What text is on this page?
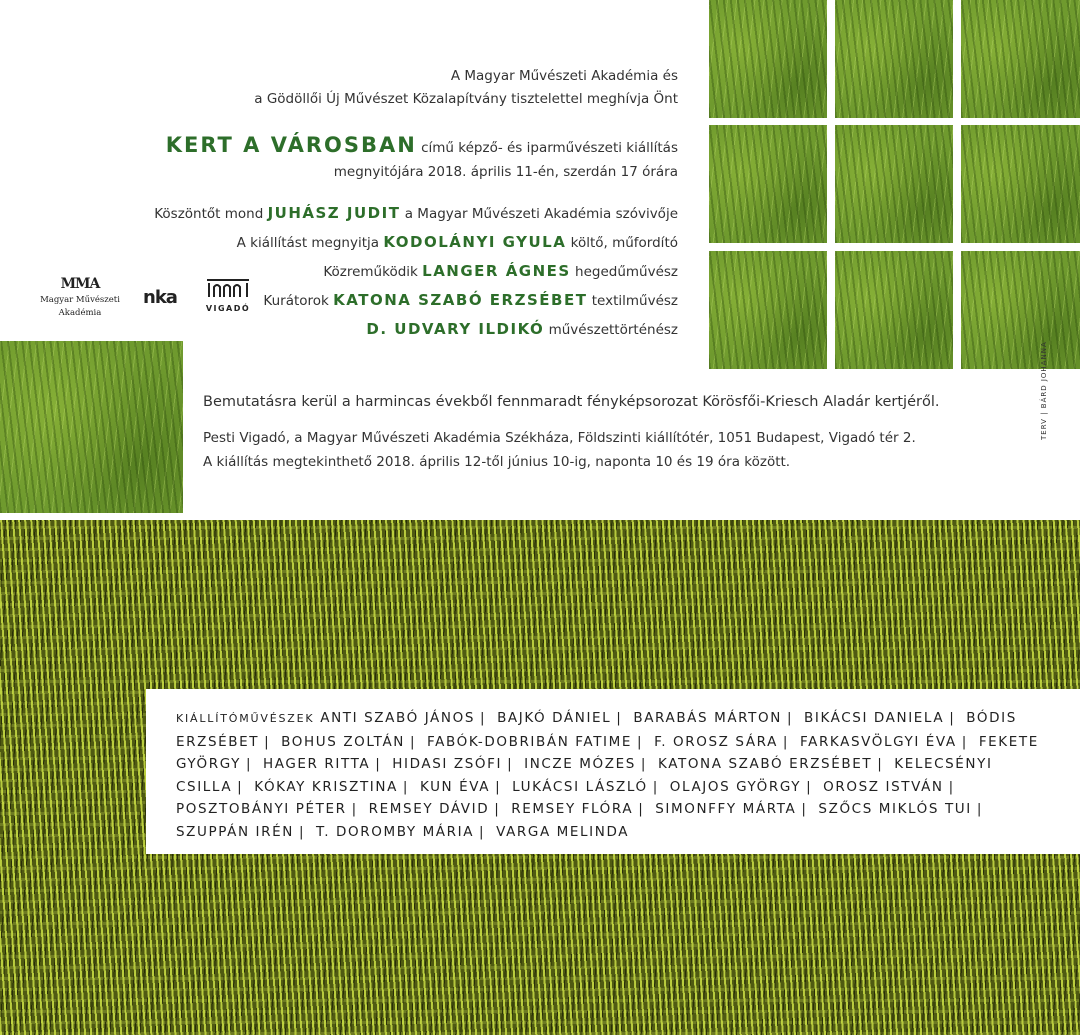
A Magyar Művészeti Akadémia és
a Gödöllői Új Művészet Közalapítvány tisztelettel meghívja Önt
KERT A VÁROSBAN című képző- és iparművészeti kiállítás
megnyitójára 2018. április 11-én, szerdán 17 órára
Köszöntőt mond JUHÁSZ JUDIT a Magyar Művészeti Akadémia szóvivője
A kiállítást megnyitja KODOLÁNYI GYULA költő, műfordító
Közreműködik LANGER ÁGNES hegedűművész
Kurátorok KATONA SZABÓ ERZSÉBET textilművész
D. UDVARY ILDIKÓ művészettörténész
MMA
Magyar Művészeti
Akadémia
nka
VIGADÓ
Bemutatásra kerül a harmincas évekből fennmaradt fényképsorozat Körösfői-Kriesch Aladár kertjéről.
Pesti Vigadó, a Magyar Művészeti Akadémia Székháza, Földszinti kiállítótér, 1051 Budapest, Vigadó tér 2.
A kiállítás megtekinthető 2018. április 12-től június 10-ig, naponta 10 és 19 óra között.
TERV | BÁRD JOHANNA
KIÁLLÍTÓMŰVÉSZEK ANTI SZABÓ JÁNOS | BAJKÓ DÁNIEL | BARABÁS MÁRTON | BIKÁCSI DANIELA | BÓDIS ERZSÉBET | BOHUS ZOLTÁN | FABÓK-DOBRIBÁN FATIME | F. OROSZ SÁRA | FARKASVÖLGYI ÉVA | FEKETE GYÖRGY | HAGER RITTA | HIDASI ZSÓFI | INCZE MÓZES | KATONA SZABÓ ERZSÉBET | KELECSÉNYI CSILLA | KÓKAY KRISZTINA | KUN ÉVA | LUKÁCSI LÁSZLÓ | OLAJOS GYÖRGY | OROSZ ISTVÁN | POSZTOBÁNYI PÉTER | REMSEY DÁVID | REMSEY FLÓRA | SIMONFFY MÁRTA | SZŐCS MIKLÓS TUI | SZUPPÁN IRÉN | T. DOROMBY MÁRIA | VARGA MELINDA
